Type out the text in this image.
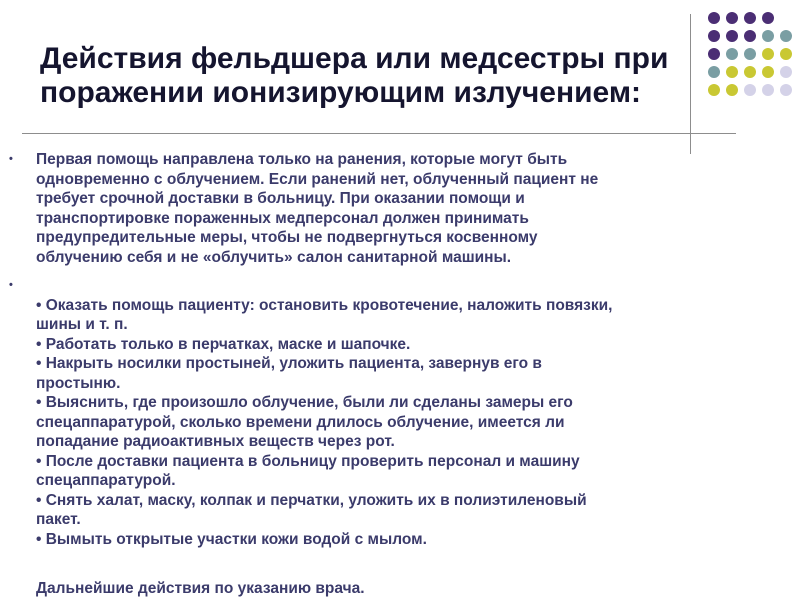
Действия фельдшера или медсестры при
поражении ионизирующим излучением:
• Первая помощь направлена только на ранения, которые могут быть
одновременно с облучением. Если ранений нет, облученный пациент не
требует срочной доставки в больницу. При оказании помощи и
транспортировке пораженных медперсонал должен принимать
предупредительные меры, чтобы не подвергнуться косвенному
облучению себя и не «облучить» салон санитарной машины.
•

• Оказать помощь пациенту: остановить кровотечение, наложить повязки,
шины и т. п.
• Работать только в перчатках, маске и шапочке.
• Накрыть носилки простыней, уложить пациента, завернув его в
простыню.
• Выяснить, где произошло облучение, были ли сделаны замеры его
спецаппаратурой, сколько времени длилось облучение, имеется ли
попадание радиоактивных веществ через рот.
• После доставки пациента в больницу проверить персонал и машину
спецаппаратурой.
• Снять халат, маску, колпак и перчатки, уложить их в полиэтиленовый
пакет.
• Вымыть открытые участки кожи водой с мылом.
Дальнейшие действия по указанию врача.
